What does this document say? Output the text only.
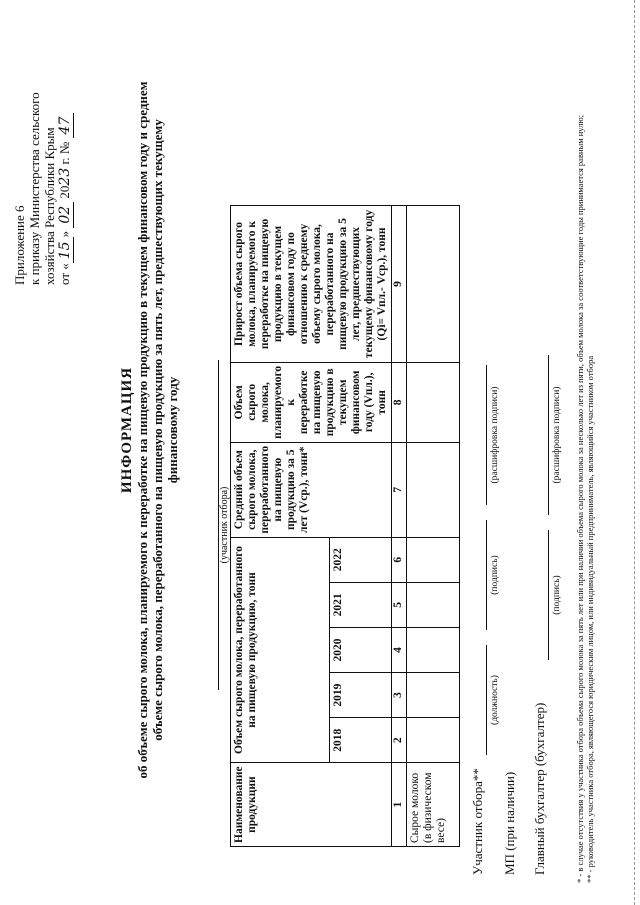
Приложение 6 к приказу Министерства сельского хозяйства Республики Крым от «15» 02 2023 г. № 47
ИНФОРМАЦИЯ об объеме сырого молока, планируемого к переработке на пищевую продукцию в текущем финансовом году и среднем объеме сырого молока, переработанного на пищевую продукцию за пять лет, предшествующих текущему финансовому году
(участник отбора)
Наименование продукции	Объем сырого молока, переработанного на пищевую продукцию, тонн					Средний объем сырого молока, переработанного на пищевую продукцию за 5 лет (Vср.), тонн*	Объем сырого молока, планируемого к переработке на пищевую продукцию в текущем финансовом году (Vпл.), тонн	Прирост объема сырого молока, планируемого к переработке на пищевую продукцию в текущем финансовом году по отношению к среднему объему сырого молока, переработанного на пищевую продукцию за 5 лет, предшествующих текущему финансовому году (Qi= Vпл.- Vср.), тонн	
	2018	2019	2020	2021	2022				
1	2	3	4	5	6	7	8	9	
Сырое молоко (в физическом весе)									Участник отбора**
(должность)
(подпись)
(расшифровка подписи)
МП (при наличии) Главный бухгалтер (бухгалтер)
(подпись)
(расшифровка подписи) * - в случае отсутствия у участника отбора объема сырого молока за пять лет или при наличии объема сырого молока за несколько лет из пяти, объем молока за соответствующие годы принимается равным нулю; ** - руководитель участника отбора, являющегося юридическим лицом, или индивидуальный предприниматель, являющийся участником отбора
